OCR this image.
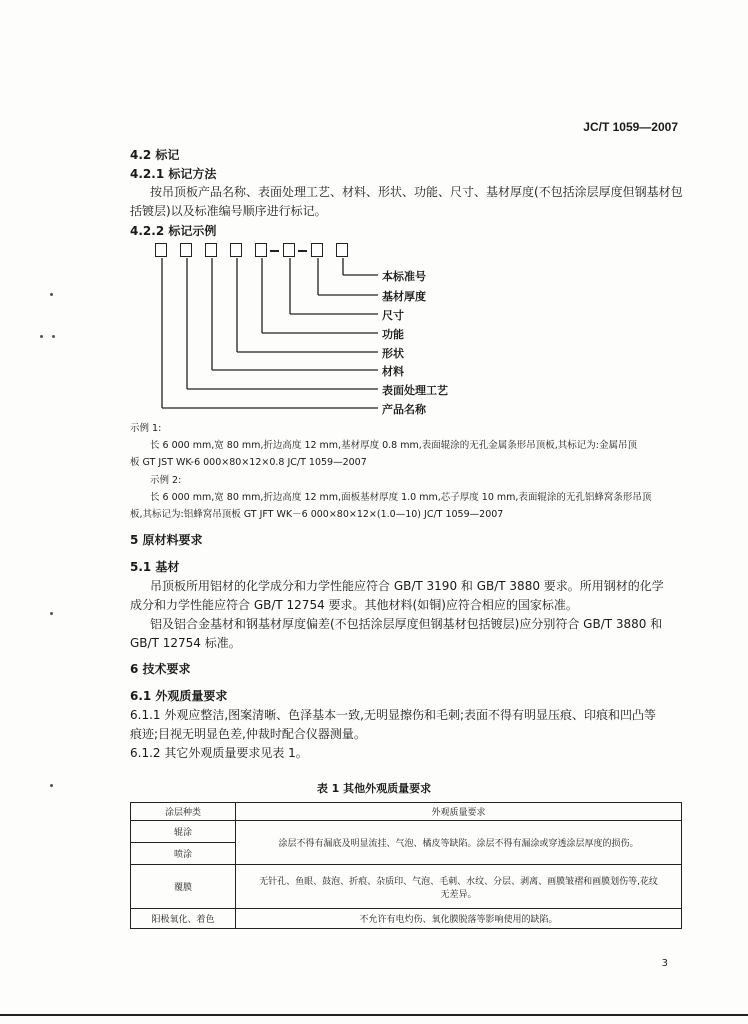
JC/T 1059—2007
4.2 标记
4.2.1 标记方法
按吊顶板产品名称、表面处理工艺、材料、形状、功能、尺寸、基材厚度(不包括涂层厚度但钢基材包
括镀层)以及标准编号顺序进行标记。
4.2.2 标记示例
本标准号
基材厚度
尺寸
功能
形状
材料
表面处理工艺
产品名称
示例 1:
长 6 000 mm,宽 80 mm,折边高度 12 mm,基材厚度 0.8 mm,表面辊涂的无孔金属条形吊顶板,其标记为:金属吊顶
板 GT JST WK-6 000×80×12×0.8 JC/T 1059—2007
示例 2:
长 6 000 mm,宽 80 mm,折边高度 12 mm,面板基材厚度 1.0 mm,芯子厚度 10 mm,表面辊涂的无孔铝蜂窝条形吊顶
板,其标记为:铝蜂窝吊顶板 GT JFT WK－6 000×80×12×(1.0—10) JC/T 1059—2007
5 原材料要求
5.1 基材
吊顶板所用铝材的化学成分和力学性能应符合 GB/T 3190 和 GB/T 3880 要求。所用钢材的化学
成分和力学性能应符合 GB/T 12754 要求。其他材料(如铜)应符合相应的国家标准。
铝及铝合金基材和钢基材厚度偏差(不包括涂层厚度但钢基材包括镀层)应分别符合 GB/T 3880 和
GB/T 12754 标准。
6 技术要求
6.1 外观质量要求
6.1.1 外观应整洁,图案清晰、色泽基本一致,无明显擦伤和毛刺;表面不得有明显压痕、印痕和凹凸等
痕迹;目视无明显色差,仲裁时配合仪器测量。
6.1.2 其它外观质量要求见表 1。
表 1 其他外观质量要求
涂层种类	外观质量要求
辊涂	涂层不得有漏底及明显流挂、气泡、橘皮等缺陷。涂层不得有漏涂或穿透涂层厚度的损伤。
喷涂	
覆膜	无针孔、鱼眼、鼓泡、折痕、杂质印、气泡、毛刺、水纹、分层、剥离、画膜皱褶和画膜划伤等,花纹
无差异。

阳极氧化、着色	不允许有电灼伤、氧化膜脱落等影响使用的缺陷。
3
